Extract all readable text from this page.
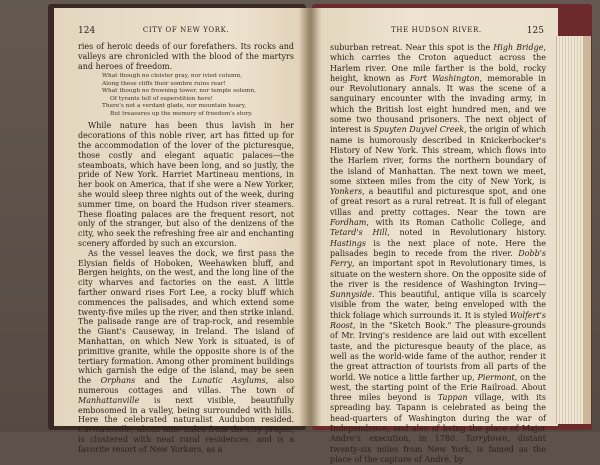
124	CITY OF NEW YORK.

ries of heroic deeds of our forefathers. Its rocks and valleys are chronicled with the blood of the martyrs and heroes of freedom.

What though no cloister gray, nor ivied column,
Along these cliffs their sombre ruins rear!
What though no frowning tower, nor temple solemn,
Of tyrants tell of superstition here!
There's not a verdant glade, nor mountain hoary,
But treasures up the memory of freedom's story.

While nature has been thus lavish in her decorations of this noble river, art has fitted up for the accommodation of the lover of the picturesque, those costly and elegant aquatic palaces—the steamboats, which have been long, and so justly, the pride of New York. Harriet Martineau mentions, in her book on America, that if she were a New Yorker, she would sleep three nights out of the week, during summer time, on board the Hudson river steamers. These floating palaces are the frequent resort, not only of the stranger, but also of the denizens of the city, who seek the refreshing free air and enchanting scenery afforded by such an excursion.

As the vessel leaves the dock, we first pass the Elysian fields of Hoboken, Weehawken bluff, and Bergen heights, on the west, and the long line of the city wharves and factories on the east. A little farther onward rises Fort Lee, a rocky bluff which commences the palisades, and which extend some twenty-five miles up the river, and then strike inland. The palisade range are of trap-rock, and resemble the Giant's Causeway, in Ireland. The island of Manhattan, on which New York is situated, is of primitive granite, while the opposite shore is of the tertiary formation. Among other prominent buildings which garnish the edge of the island, may be seen the Orphans and the Lunatic Asylums, also numerous cottages and villas. The town of Manhattanville is next visible, beautifully embosomed in a valley, being surrounded with hills. Here the celebrated naturalist Audubon resided. Carmansville, about nine miles from the city proper, is clustered with neat rural residences, and is a favorite resort of New Yorkers, as a

THE HUDSON RIVER.	125

suburban retreat. Near this spot is the High Bridge, which carries the Croton aqueduct across the Harlem river. One mile farther is the bold, rocky height, known as Fort Washington, memorable in our Revolutionary annals. It was the scene of a sanguinary encounter with the invading army, in which the British lost eight hundred men, and we some two thousand prisoners. The next object of interest is Spuyten Duyvel Creek, the origin of which name is humorously described in Knickerbocker's History of New York. This stream, which flows into the Harlem river, forms the northern boundary of the island of Manhattan. The next town we meet, some sixteen miles from the city of New York, is Yonkers, a beautiful and picturesque spot, and one of great resort as a rural retreat. It is full of elegant villas and pretty cottages. Near the town are Fordham, with its Roman Catholic College, and Tetard's Hill, noted in Revolutionary history. Hastings is the next place of note. Here the palisades begin to recede from the river. Dobb's Ferry, an important spot in Revolutionary times, is situate on the western shore. On the opposite side of the river is the residence of Washington Irving—Sunnyside. This beautiful, antique villa is scarcely visible from the water, being enveloped with the thick foliage which surrounds it. It is styled Wolfert's Roost, in the "Sketch Book." The pleasure-grounds of Mr. Irving's residence are laid out with excellent taste, and the picturesque beauty of the place, as well as the world-wide fame of the author, render it the great attraction of tourists from all parts of the world. We notice a little farther up, Piermont, on the west, the starting point of the Erie Railroad. About three miles beyond is Tappan village, with its spreading bay. Tapann is celebrated as being the head-quarters of Washington during the war of Independence, and also of being the place of Major Andre's execution, in 1780. Tarrytown, distant twenty-six miles from New York, is famed as the place of the capture of André, by
